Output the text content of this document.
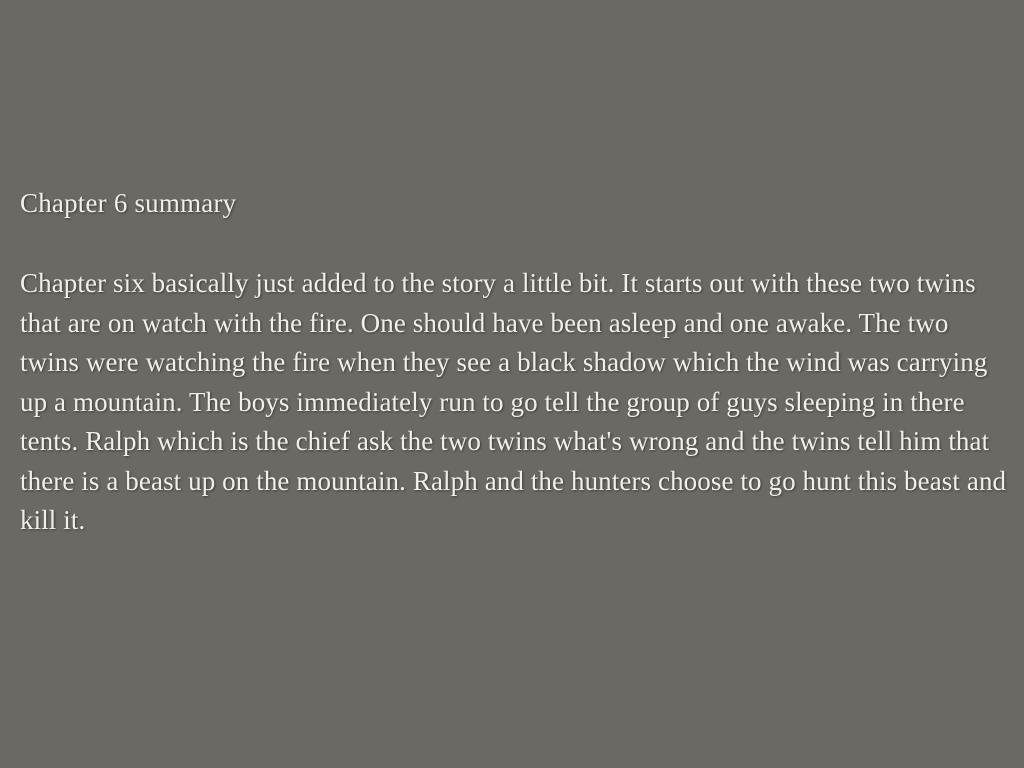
Chapter 6 summary

Chapter six basically just added to the story a little bit. It starts out with these two twins that are on watch with the fire. One should have been asleep and one awake. The two twins were watching the fire when they see a black shadow which the wind was carrying up a mountain. The boys immediately run to go tell the group of guys sleeping in there tents. Ralph which is the chief ask the two twins what's wrong and the twins tell him that there is a beast up on the mountain. Ralph and the hunters choose to go hunt this beast and kill it.
